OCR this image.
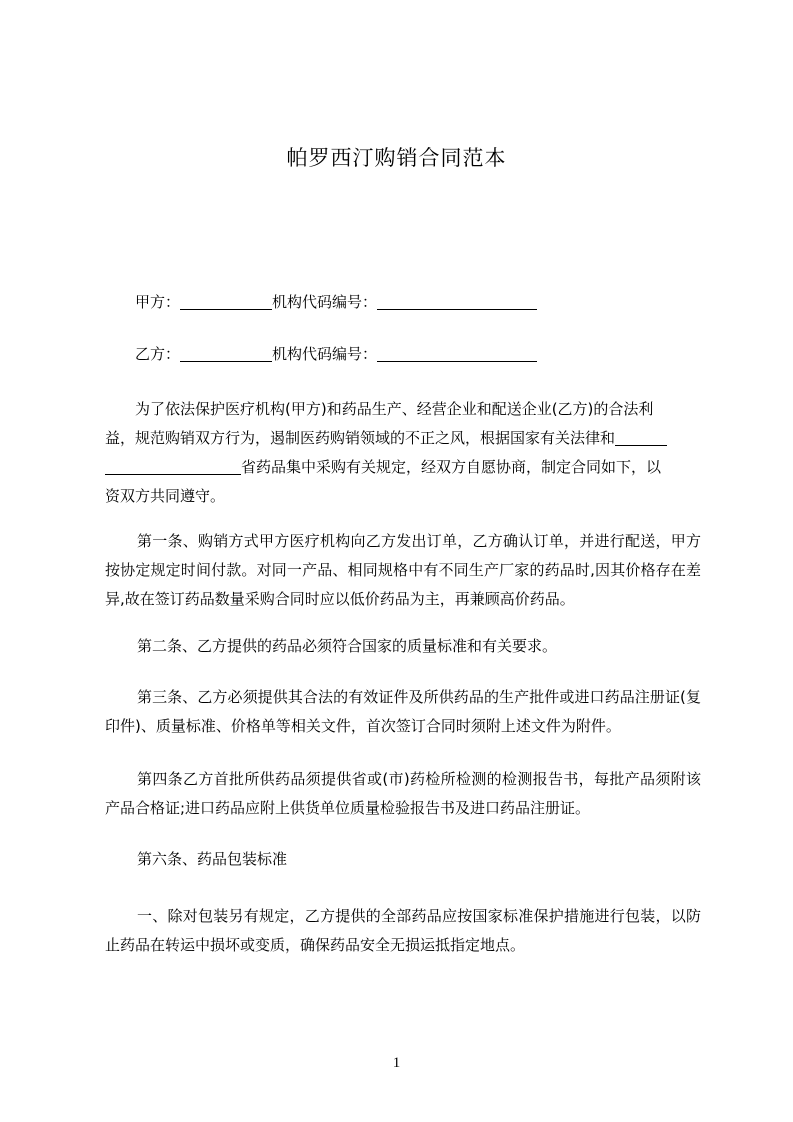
帕罗西汀购销合同范本

甲方：	机构代码编号：

乙方：	机构代码编号：

为了依法保护医疗机构(甲方)和药品生产、经营企业和配送企业(乙方)的合法利

益，规范购销双方行为，遏制医药购销领域的不正之风，根据国家有关法律和

省药品集中采购有关规定，经双方自愿协商，制定合同如下，以

资双方共同遵守。

第一条、购销方式甲方医疗机构向乙方发出订单，乙方确认订单，并进行配送，甲方按协定规定时间付款。对同一产品、相同规格中有不同生产厂家的药品时,因其价格存在差异,故在签订药品数量采购合同时应以低价药品为主，再兼顾高价药品。

第二条、乙方提供的药品必须符合国家的质量标准和有关要求。

第三条、乙方必须提供其合法的有效证件及所供药品的生产批件或进口药品注册证(复印件)、质量标准、价格单等相关文件，首次签订合同时须附上述文件为附件。

第四条乙方首批所供药品须提供省或(市)药检所检测的检测报告书，每批产品须附该产品合格证;进口药品应附上供货单位质量检验报告书及进口药品注册证。

第六条、药品包装标准

一、除对包装另有规定，乙方提供的全部药品应按国家标准保护措施进行包装，以防止药品在转运中损坏或变质，确保药品安全无损运抵指定地点。

1
